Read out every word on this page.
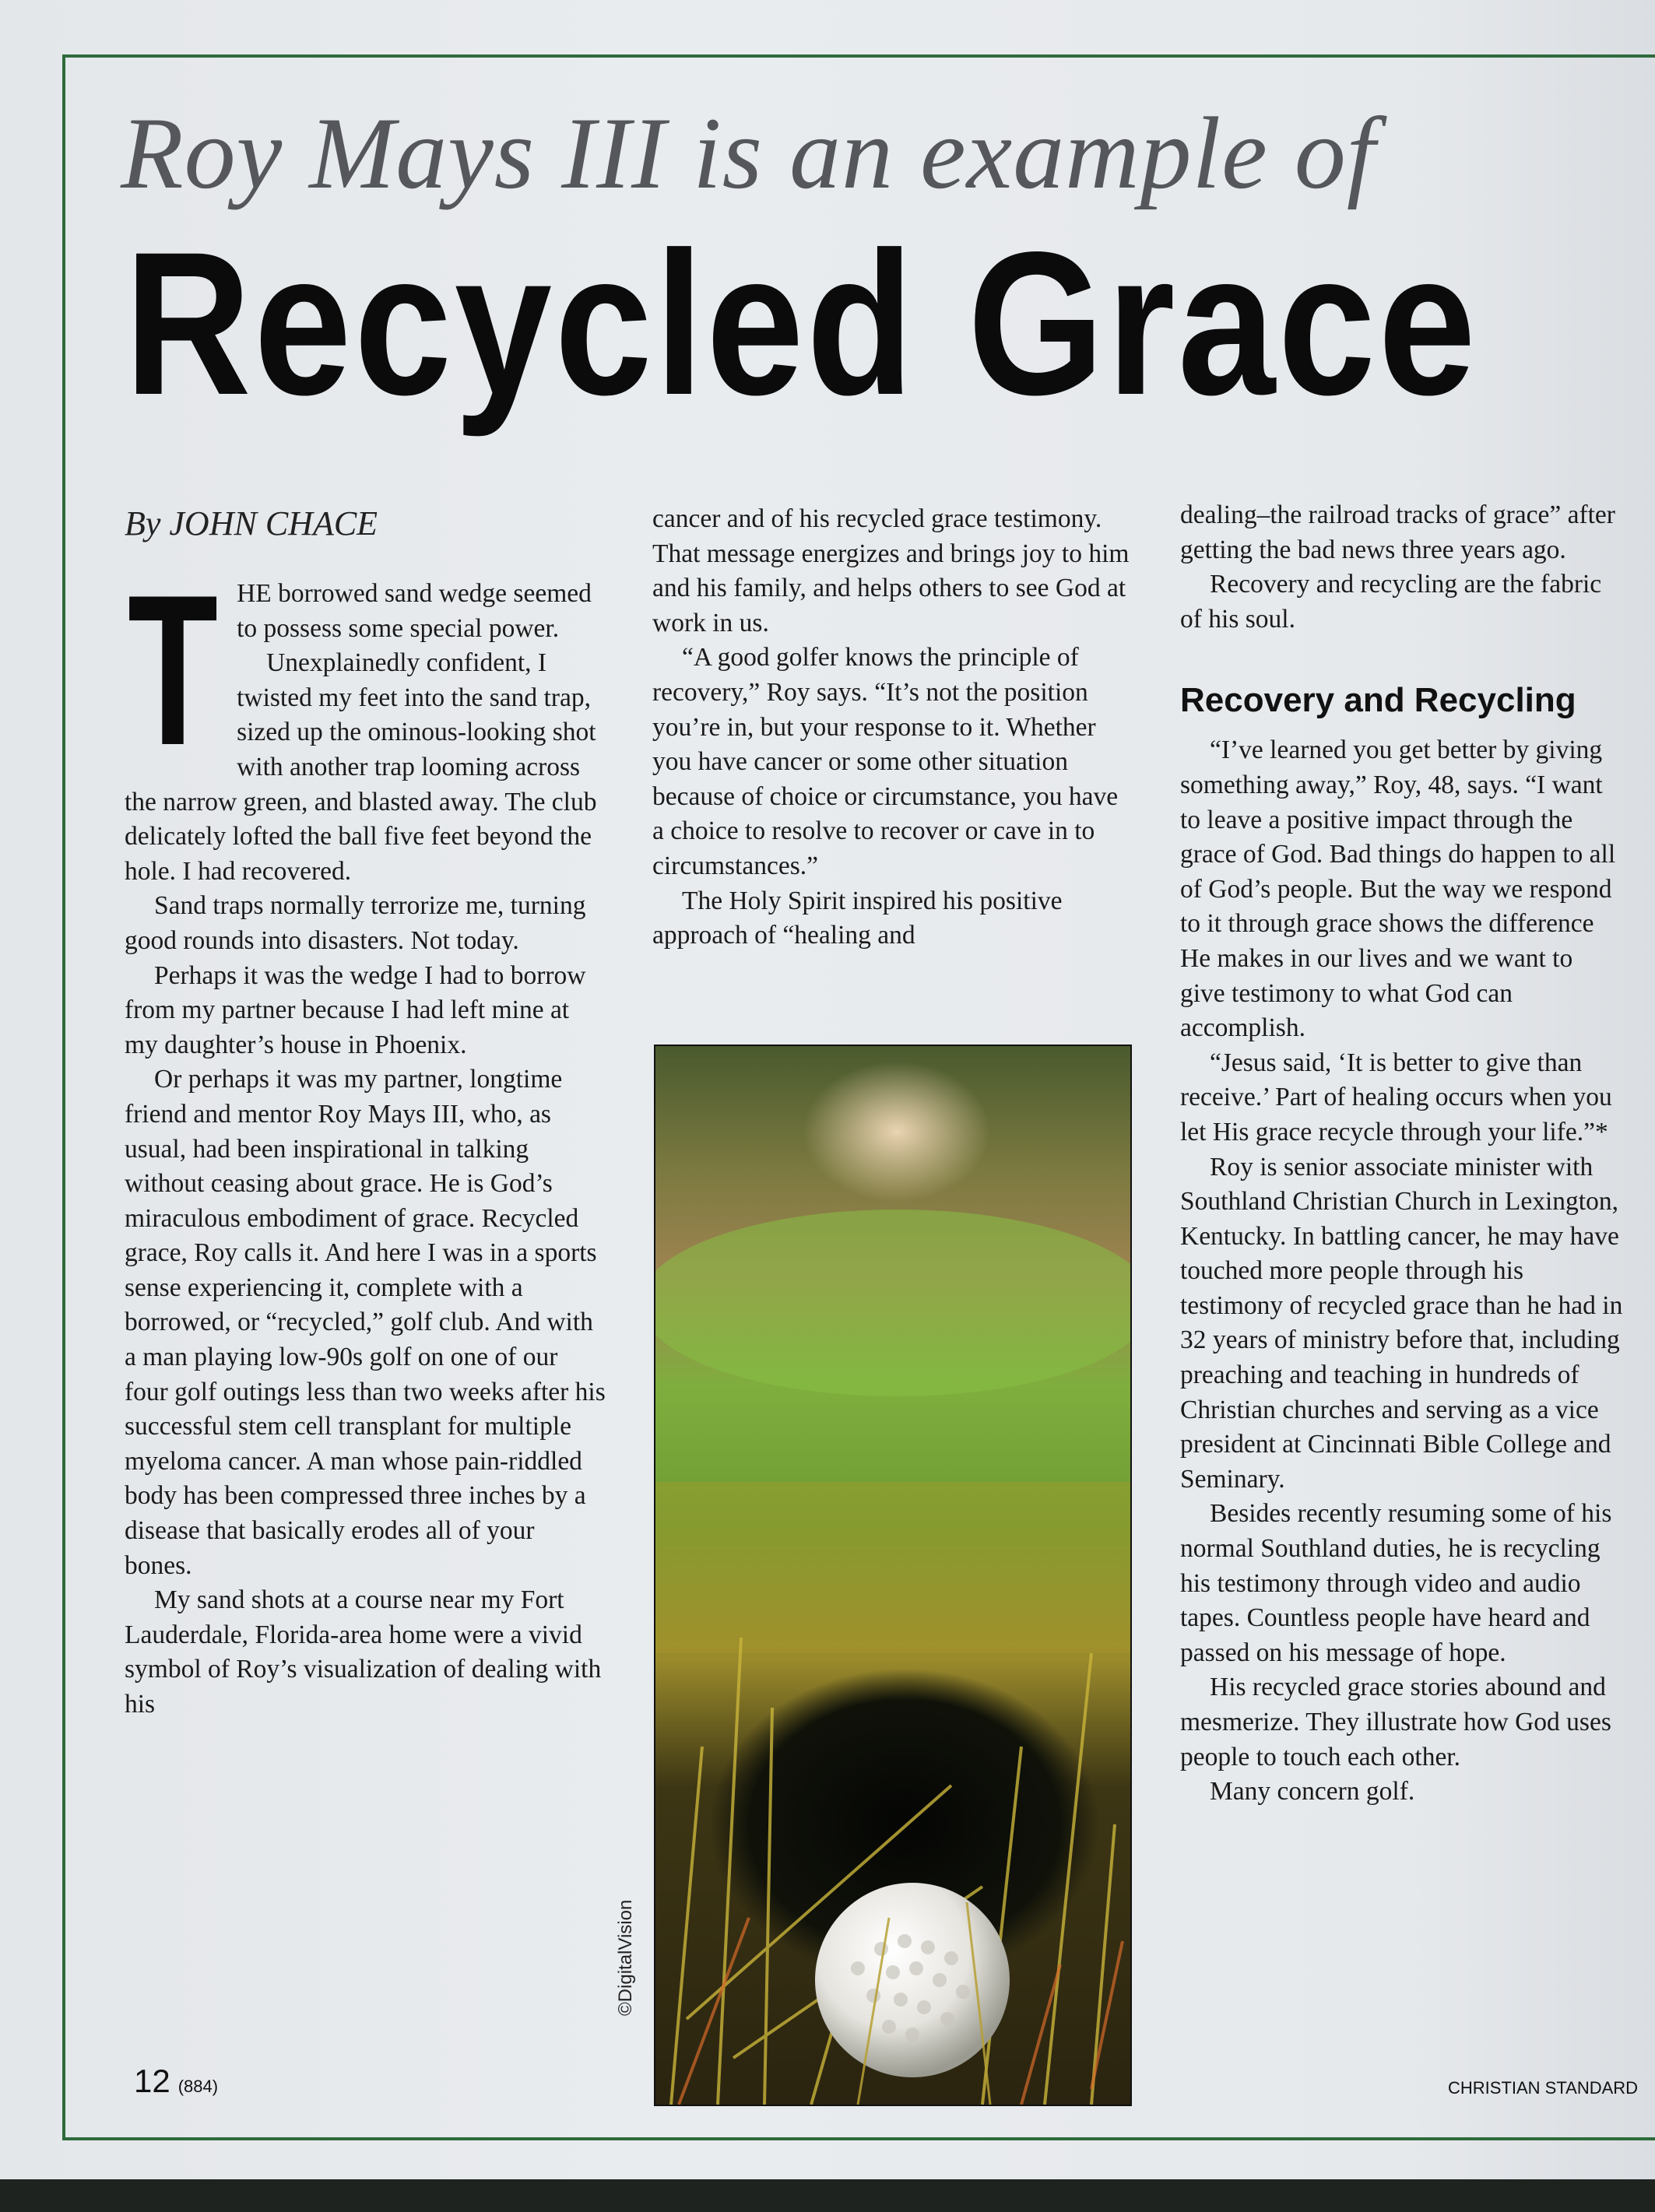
Roy Mays III is an example of
Recycled Grace
By JOHN CHACE
T HE borrowed sand wedge seemed to possess some special power.

Unexplainedly confident, I twisted my feet into the sand trap, sized up the ominous-looking shot with another trap looming across the narrow green, and blasted away. The club delicately lofted the ball five feet beyond the hole. I had recovered.

Sand traps normally terrorize me, turning good rounds into disasters. Not today.

Perhaps it was the wedge I had to borrow from my partner because I had left mine at my daughter’s house in Phoenix.

Or perhaps it was my partner, longtime friend and mentor Roy Mays III, who, as usual, had been inspirational in talking without ceasing about grace. He is God’s miraculous embodiment of grace. Recycled grace, Roy calls it. And here I was in a sports sense experiencing it, complete with a borrowed, or “recycled,” golf club. And with a man playing low-90s golf on one of our four golf outings less than two weeks after his successful stem cell transplant for multiple myeloma cancer. A man whose pain-riddled body has been compressed three inches by a disease that basically erodes all of your bones.

My sand shots at a course near my Fort Lauderdale, Florida-area home were a vivid symbol of Roy’s visualization of dealing with his

cancer and of his recycled grace testimony. That message energizes and brings joy to him and his family, and helps others to see God at work in us.

“A good golfer knows the principle of recovery,” Roy says. “It’s not the position you’re in, but your response to it. Whether you have cancer or some other situation because of choice or circumstance, you have a choice to resolve to recover or cave in to circumstances.”

The Holy Spirit inspired his positive approach of “healing and

©DigitalVision

dealing–the railroad tracks of grace” after getting the bad news three years ago.

Recovery and recycling are the fabric of his soul.

Recovery and Recycling

“I’ve learned you get better by giving something away,” Roy, 48, says. “I want to leave a positive impact through the grace of God. Bad things do happen to all of God’s people. But the way we respond to it through grace shows the difference He makes in our lives and we want to give testimony to what God can accomplish.

“Jesus said, ‘It is better to give than receive.’ Part of healing occurs when you let His grace recycle through your life.”*

Roy is senior associate minister with Southland Christian Church in Lexington, Kentucky. In battling cancer, he may have touched more people through his testimony of recycled grace than he had in 32 years of ministry before that, including preaching and teaching in hundreds of Christian churches and serving as a vice president at Cincinnati Bible College and Seminary.

Besides recently resuming some of his normal Southland duties, he is recycling his testimony through video and audio tapes. Countless people have heard and passed on his message of hope.

His recycled grace stories abound and mesmerize. They illustrate how God uses people to touch each other.

Many concern golf.

12 (884)	CHRISTIAN STANDARD
